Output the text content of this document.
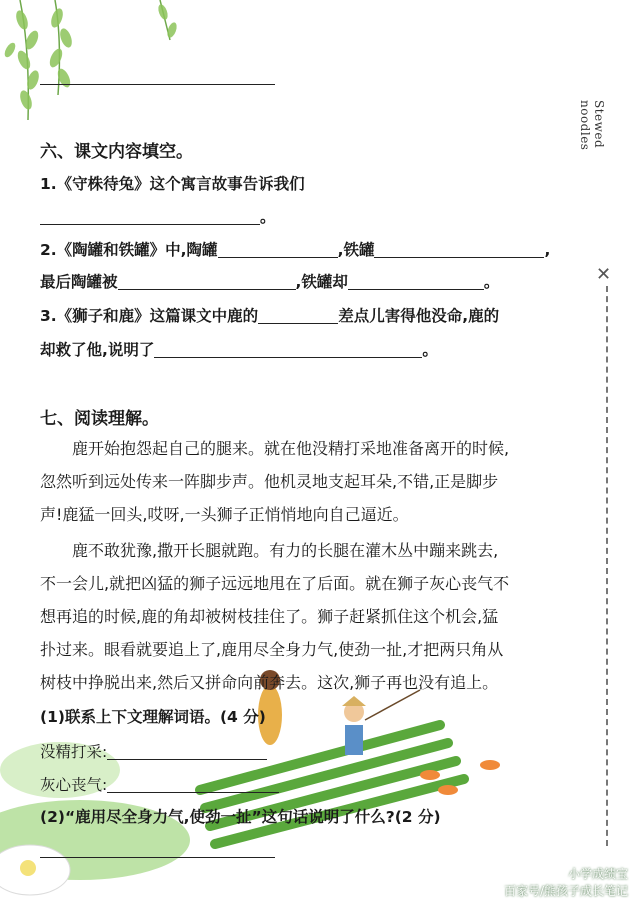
Stewed noodles
✕
六、课文内容填空。
1.《守株待兔》这个寓言故事告诉我们
。
2.《陶罐和铁罐》中,陶罐	,铁罐	,
最后陶罐被	,铁罐却	。
3.《狮子和鹿》这篇课文中鹿的	差点儿害得他没命,鹿的
却救了他,说明了	。
七、阅读理解。
鹿开始抱怨起自己的腿来。就在他没精打采地准备离开的时候,
忽然听到远处传来一阵脚步声。他机灵地支起耳朵,不错,正是脚步
声!鹿猛一回头,哎呀,一头狮子正悄悄地向自己逼近。
鹿不敢犹豫,撒开长腿就跑。有力的长腿在灌木丛中蹦来跳去,
不一会儿,就把凶猛的狮子远远地甩在了后面。就在狮子灰心丧气不
想再追的时候,鹿的角却被树枝挂住了。狮子赶紧抓住这个机会,猛
扑过来。眼看就要追上了,鹿用尽全身力气,使劲一扯,才把两只角从
树枝中挣脱出来,然后又拼命向前奔去。这次,狮子再也没有追上。
(1)联系上下文理解词语。(4 分)
没精打采:
灰心丧气:
(2)“鹿用尽全身力气,使劲一扯”这句话说明了什么?(2 分)
小学成绩宝
百家号/熊孩子成长笔记
